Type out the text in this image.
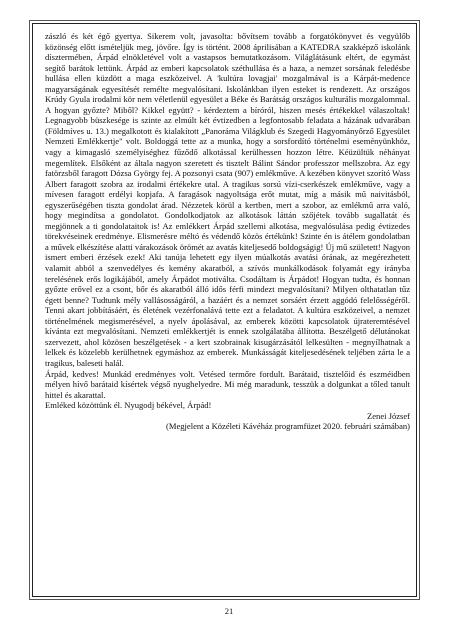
zászló és két égő gyertya. Sikerem volt, javasolta: bővítsem tovább a forgatókönyvet és vegyülőb közönség előtt ismételjük meg, jövőre. Így is történt. 2008 áprilisában a KATEDRA szakképző iskolánk dísztermében, Árpád elnökletével volt a vastapsos bemutatkozásom. Világlátásunk eltért, de egymást segítő barátok lettünk. Árpád az emberi kapcsolatok széthullása és a haza, a nemzet sorsának feledésbe hullása ellen küzdött a maga eszközeivel. A 'kultúra lovagjai' mozgalmával is a Kárpát-medence magyarságának egyesítését remélte megvalósítani. Iskolánkban ilyen esteket is rendezett. Az országos Krúdy Gyula irodalmi kör nem véletlenül egyesület a Béke és Barátság országos kulturális mozgalommal. A hogyan győzte? Miből? Kikkel együtt? - kérdeztem a bíróról, hiszen mesés értékekkel válaszoltak! Legnagyobb büszkesége is szinte az elmúlt két évtizedben a legfontosabb feladata a házának udvarában (Földmíves u. 13.) megalkotott és kialakított „Panoráma Világklub és Szegedi Hagyományőrző Egyesület Nemzeti Emlékkertje" volt. Boldoggá tette az a munka, hogy a sorsfordító történelmi eseményünkhöz, vagy a kimagasló személyiséghez fűződő alkotással kerülhessen hozzon létre. Kéüzültük néhányat megemlítek. Elsőként az általa nagyon szeretett és tisztelt Bálint Sándor professzor mellszobra. Az egy fatörzsből faragott Dózsa György fej. A pozsonyi csata (907) emlékműve. A kezében könyvet szorító Wass Albert faragott szobra az irodalmi értékekre utal. A tragikus sorsú vízi-cserkészek emlékműve, vagy a mívesen faragott erdélyi kopjafa. A faragások nagyoltsága erőt mutat, míg a másik mű naivitásból, egyszerűségében tiszta gondolat árad. Nézzetek körül a kertben, mert a szobor, az emlékmű arra való, hogy megindítsa a gondolatot. Gondolkodjatok az alkotások láttán szőjétek tovább sugallatát és megjönnek a ti gondolataitok is! Az emlékkert Árpád szellemi alkotása, megvalósulása pedig évtizedes törekvéseinek eredménye. Elismerésre méltó és védendő közös értékünk! Szinte én is átélem gondolatban a művek elkészítése alatti várakozások örömét az avatás kiteljesedő boldogságig! Új mű született! Nagyon ismert emberi érzések ezek! Aki tanúja lehetett egy ilyen múalkotás avatási órának, az megérezhetett valamit abból a szenvedélyes és kemény akaratból, a szívós munkálkodások folyamát egy irányba terelésének erős logikájából, amely Árpádot motiválta. Csodáltam is Árpádot! Hogyan tudta, és honnan győzte erővel ez a csont, bőr és akaratból álló idős férfi mindezt megvalósítani? Milyen olthatatlan tűz égett benne? Tudtunk mély vallásosságáról, a hazáért és a nemzet sorsáért érzett aggódó felelősségéről. Tenni akart jobbításáért, és életének vezérfonalává tette ezt a feladatot. A kultúra eszközeivel, a nemzet történelmének megismerésével, a nyelv ápolásával, az emberek közötti kapcsolatok újrateremtésével kívánta ezt megvalósítani. Nemzeti emlékkertjét is ennek szolgálatába állította. Beszélgető délutánokat szervezett, ahol közösen beszélgetések - a kert szobrainak kisugárzásától lelkesülten - megnyílhatnak a lelkek és közelebb kerülhetnek egymáshoz az emberek. Munkásságát kiteljesedésének teljében zárta le a tragikus, baleseti halál.

Árpád, kedves! Munkád eredményes volt. Vetésed termőre fordult. Barátaid, tisztelőid és eszméidben mélyen hívő barátaid kísértek végső nyughelyedre. Mi még maradunk, tesszük a dolgunkat a tőled tanult hittel és akarattal.

Emléked közöttünk él. Nyugodj békével, Árpád!

Zenei József

(Megjelent a Közéleti Kávéház programfüzet 2020. februári számában)

21
